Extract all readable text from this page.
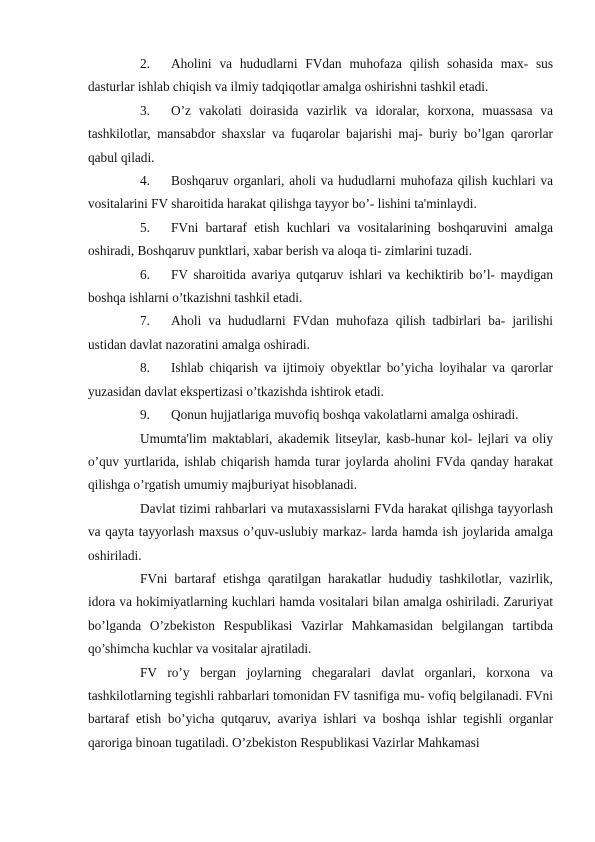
2. Aholini va hududlarni FVdan muhofaza qilish sohasida max- sus dasturlar ishlab chiqish va ilmiy tadqiqotlar amalga oshirishni tashkil etadi.

3. O’z vakolati doirasida vazirlik va idoralar, korxona, muassasa va tashkilotlar, mansabdor shaxslar va fuqarolar bajarishi maj- buriy bo’lgan qarorlar qabul qiladi.

4. Boshqaruv organlari, aholi va hududlarni muhofaza qilish kuchlari va vositalarini FV sharoitida harakat qilishga tayyor bo’- lishini ta'minlaydi.

5. FVni bartaraf etish kuchlari va vositalarining boshqaruvini amalga oshiradi, Boshqaruv punktlari, xabar berish va aloqa ti- zimlarini tuzadi.

6. FV sharoitida avariya qutqaruv ishlari va kechiktirib bo’l- maydigan boshqa ishlarni o’tkazishni tashkil etadi.

7. Aholi va hududlarni FVdan muhofaza qilish tadbirlari ba- jarilishi ustidan davlat nazoratini amalga oshiradi.

8. Ishlab chiqarish va ijtimoiy obyektlar bo’yicha loyihalar va qarorlar yuzasidan davlat ekspertizasi o’tkazishda ishtirok etadi.

9. Qonun hujjatlariga muvofiq boshqa vakolatlarni amalga oshiradi.

Umumta'lim maktablari, akademik litseylar, kasb-hunar kol- lejlari va oliy o’quv yurtlarida, ishlab chiqarish hamda turar joylarda aholini FVda qanday harakat qilishga o’rgatish umumiy majburiyat hisoblanadi.

Davlat tizimi rahbarlari va mutaxassislarni FVda harakat qilishga tayyorlash va qayta tayyorlash maxsus o’quv-uslubiy markaz- larda hamda ish joylarida amalga oshiriladi.

FVni bartaraf etishga qaratilgan harakatlar hududiy tashkilotlar, vazirlik, idora va hokimiyatlarning kuchlari hamda vositalari bilan amalga oshiriladi. Zaruriyat bo’lganda O’zbekiston Respublikasi Vazirlar Mahkamasidan belgilangan tartibda qo’shimcha kuchlar va vositalar ajratiladi.

FV ro’y bergan joylarning chegaralari davlat organlari, korxona va tashkilotlarning tegishli rahbarlari tomonidan FV tasnifiga mu- vofiq belgilanadi. FVni bartaraf etish bo’yicha qutqaruv, avariya ishlari va boshqa ishlar tegishli organlar qaroriga binoan tugatiladi. O’zbekiston Respublikasi Vazirlar Mahkamasi
